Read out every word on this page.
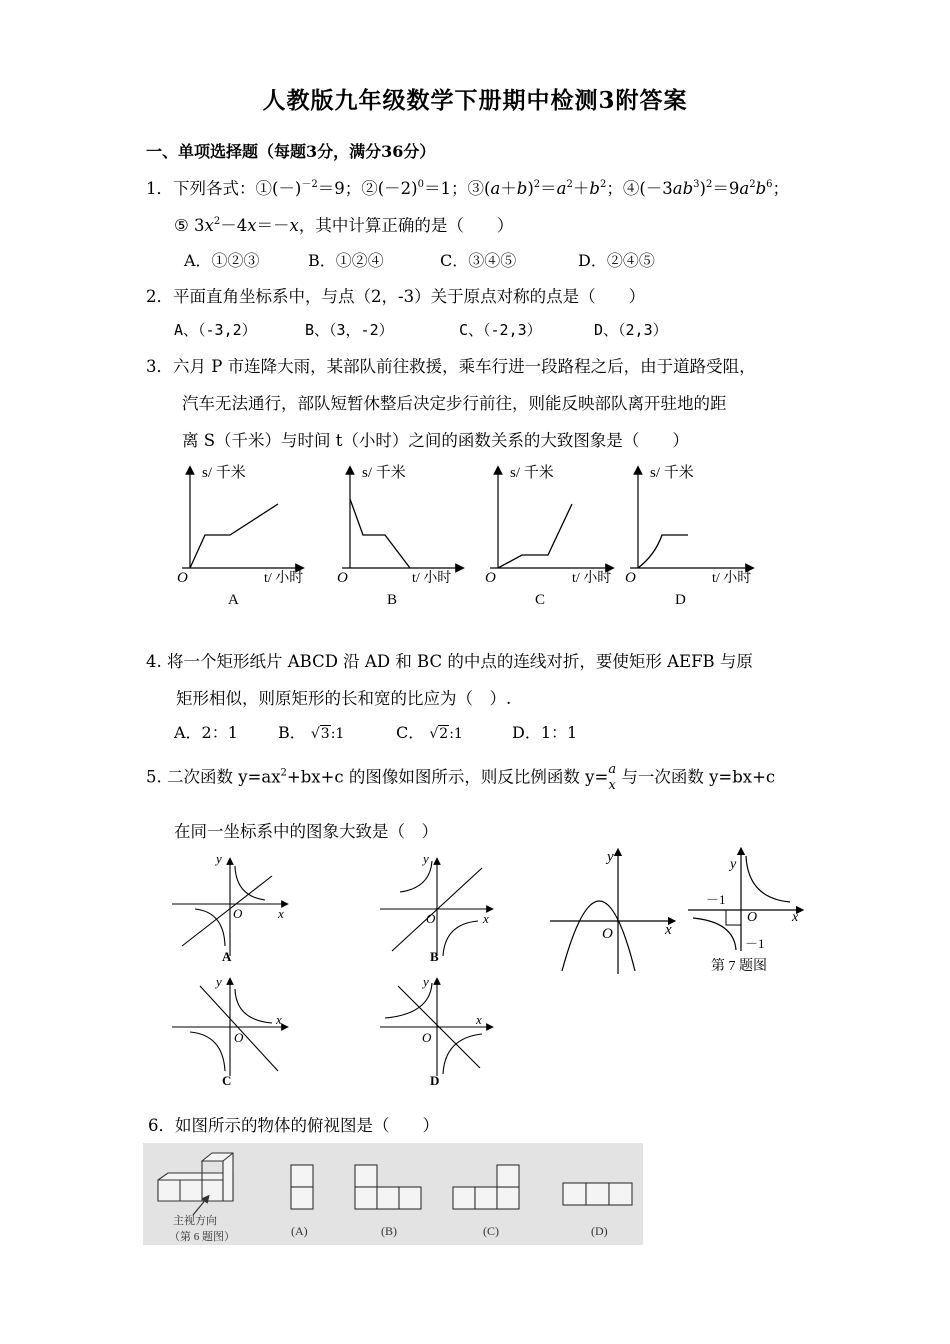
人教版九年级数学下册期中检测3附答案
一、单项选择题（每题3分，满分36分）
1．下列各式：$①(-)^{-2}=9$；$②(-2)^0=1$；$③(a+b)^2=a^2+b^2$；$④(-3ab^3)^2=9a^2b^6$；
⑤ $3x^2-4x=-x$，其中计算正确的是（　　）
A．①②③	B．①②④	C．③④⑤	D．②④⑤
2．平面直角坐标系中，与点（2，-3）关于原点对称的点是（　　）
A、（-3,2）	B、（3，-2）	C、（-2,3）	D、（2,3）
3．六月 P 市连降大雨，某部队前往救援，乘车行进一段路程之后，由于道路受阻，
汽车无法通行，部队短暂休整后决定步行前往，则能反映部队离开驻地的距
离 S（千米）与时间 t（小时）之间的函数关系的大致图象是（　　）
s/ 千米
O	t/ 小时
A
s/ 千米
O	t/ 小时
B
s/ 千米
O	t/ 小时
C
s/ 千米
O	t/ 小时
D
4. 将一个矩形纸片 ABCD 沿 AD 和 BC 的中点的连线对折，要使矩形 AEFB 与原
矩形相似，则原矩形的长和宽的比应为（　）.
A．2：1	B． √3:1	C． √2:1	D．1：1
5. 二次函数 $y=ax^2+bx+c$ 的图像如图所示，则反比例函数 y= a
x 与一次函数 y=bx+c
在同一坐标系中的图象大致是（　）
y
O	x
A
y
O	x
B
y
O
x
C
y
O
x
D
y
O	x
y
O x
－1
－1
第 7 题图
6．如图所示的物体的俯视图是（　　）
主视方向
（第 6 题图）	(A)	(B)	(C)	(D)
